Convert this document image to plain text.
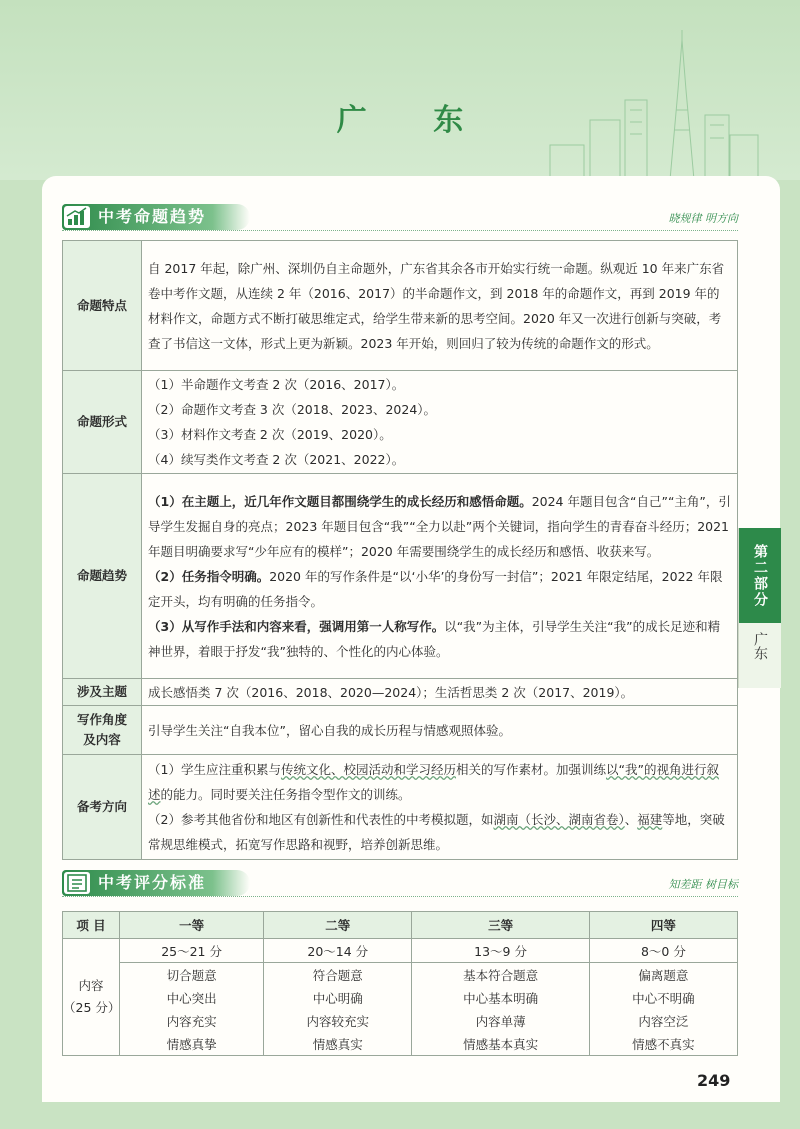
广 东
中考命题趋势	晓规律 明方向
命题特点	自 2017 年起，除广州、深圳仍自主命题外，广东省其余各市开始实行统一命题。纵观近 10 年来广东省卷中考作文题，从连续 2 年（2016、2017）的半命题作文，到 2018 年的命题作文，再到 2019 年的材料作文，命题方式不断打破思维定式，给学生带来新的思考空间。2020 年又一次进行创新与突破，考查了书信这一文体，形式上更为新颖。2023 年开始，则回归了较为传统的命题作文的形式。
命题形式	（1）半命题作文考查 2 次（2016、2017）。
（2）命题作文考查 3 次（2018、2023、2024）。
（3）材料作文考查 2 次（2019、2020）。
（4）续写类作文考查 2 次（2021、2022）。

命题趋势	（1）在主题上，近几年作文题目都围绕学生的成长经历和感悟命题。2024 年题目包含“自己”“主角”，引导学生发掘自身的亮点；2023 年题目包含“我”“全力以赴”两个关键词，指向学生的青春奋斗经历；2021 年题目明确要求写“少年应有的模样”；2020 年需要围绕学生的成长经历和感悟、收获来写。
（2）任务指令明确。2020 年的写作条件是“以‘小华’的身份写一封信”；2021 年限定结尾，2022 年限定开头，均有明确的任务指令。
（3）从写作手法和内容来看，强调用第一人称写作。以“我”为主体，引导学生关注“我”的成长足迹和精神世界，着眼于抒发“我”独特的、个性化的内心体验。

涉及主题	成长感悟类 7 次（2016、2018、2020—2024）；生活哲思类 2 次（2017、2019）。

写作角度
及内容	引导学生关注“自我本位”，留心自我的成长历程与情感观照体验。
备考方向	（1）学生应注重积累与传统文化、校园活动和学习经历相关的写作素材。加强训练以“我”的视角进行叙述的能力。同时要关注任务指令型作文的训练。
（2）参考其他省份和地区有创新性和代表性的中考模拟题，如湖南（长沙、湖南省卷）、福建等地，突破常规思维模式，拓宽写作思路和视野，培养创新思维。
中考评分标准	知差距 树目标
项 目	一等	二等	三等	四等

内容
（25 分）	25～21 分	20～14 分	13～9 分	8～0 分
	切合题意	符合题意	基本符合题意	偏离题意
	中心突出	中心明确	中心基本明确	中心不明确
	内容充实	内容较充实	内容单薄	内容空泛
	情感真挚	情感真实	情感基本真实	情感不真实
第二部分
广东
249
